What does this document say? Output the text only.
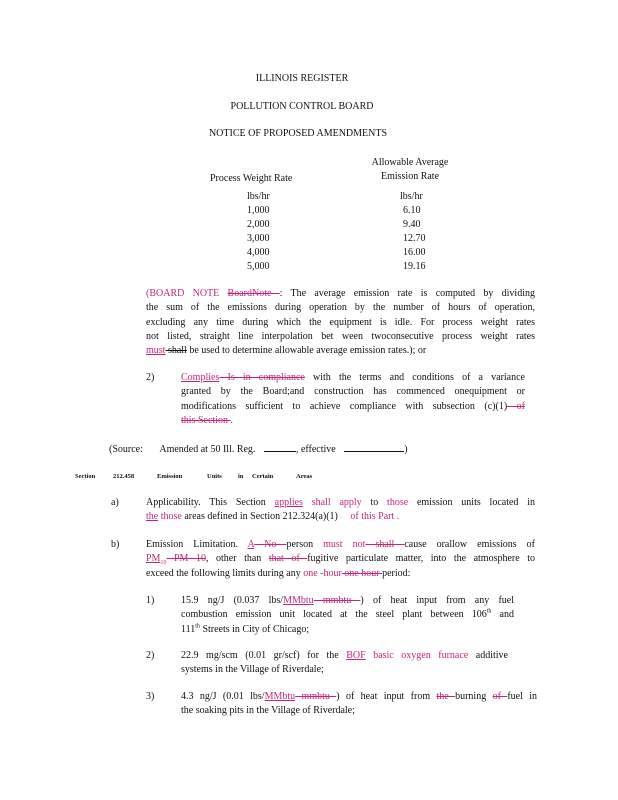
ILLINOIS REGISTER
POLLUTION CONTROL BOARD
NOTICE OF PROPOSED AMENDMENTS
Allowable Average
Emission Rate
Process Weight Rate
lbs/hr	lbs/hr
1,000	6.10
2,000	9.40
3,000	12.70
4,000	16.00
5,000	19.16
(BOARD NOTE BoardNote : The average emission rate is computed by dividing
the sum of the emissions during operation by the number of hours of operation,
excluding any time during which the equipment is idle. For process weight rates
not listed, straight line interpolation bet ween twoconsecutive process weight rates
must shall be used to determine allowable average emission rates.); or
2)	Complies Is in compliance with the terms and conditions of a variance
granted by the Board;and construction has commenced onequipment or
modifications sufficient to achieve compliance with subsection (c)(1) of
this Section .
(Source: Amended at 50 Ill. Reg.	, effective	)
Section	212.458	Emission	Units in Certain	Areas
a)	Applicability. This Section applies shall apply to those emission units located in
the those areas defined in Section 212.324(a)(1) of this Part .
b)	Emission Limitation. A No person must not shall cause orallow emissions of
$PM_{10}$ PM 10, other than that of fugitive particulate matter, into the atmosphere to
exceed the following limits during any one -hour one hour period:
1)	15.9 ng/J (0.037 lbs/MMbtu mmbtu ) of heat input from any fuel
combustion emission unit located at the steel plant between 106th and
111th Streets in City of Chicago;
2)	22.9 mg/scm (0.01 gr/scf) for the BOF basic oxygen furnace additive
systems in the Village of Riverdale;
3)	4.3 ng/J (0.01 lbs/MMbtu mmbtu ) of heat input from the burning of fuel in
the soaking pits in the Village of Riverdale;
